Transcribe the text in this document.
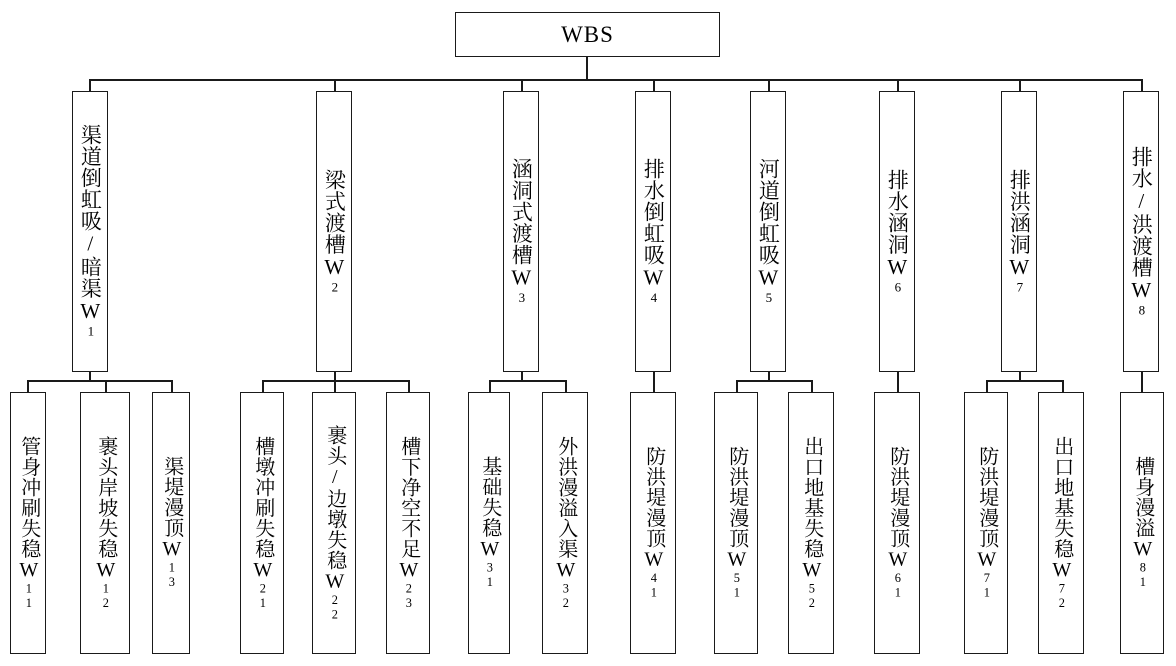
WBS
渠道倒虹吸/暗渠W1
梁式渡槽W2
涵洞式渡槽W3
排水倒虹吸W4
河道倒虹吸W5
排水涵洞W6
排洪涵洞W7
排水/洪渡槽W8
管身冲刷失稳W11
裹头岸坡失稳W12
渠堤漫顶W13
槽墩冲刷失稳W21
裹头/边墩失稳W22
槽下净空不足W23
基础失稳W31
外洪漫溢入渠W32
防洪堤漫顶W41
防洪堤漫顶W51
出口地基失稳W52
防洪堤漫顶W61
防洪堤漫顶W71
出口地基失稳W72
槽身漫溢W81
